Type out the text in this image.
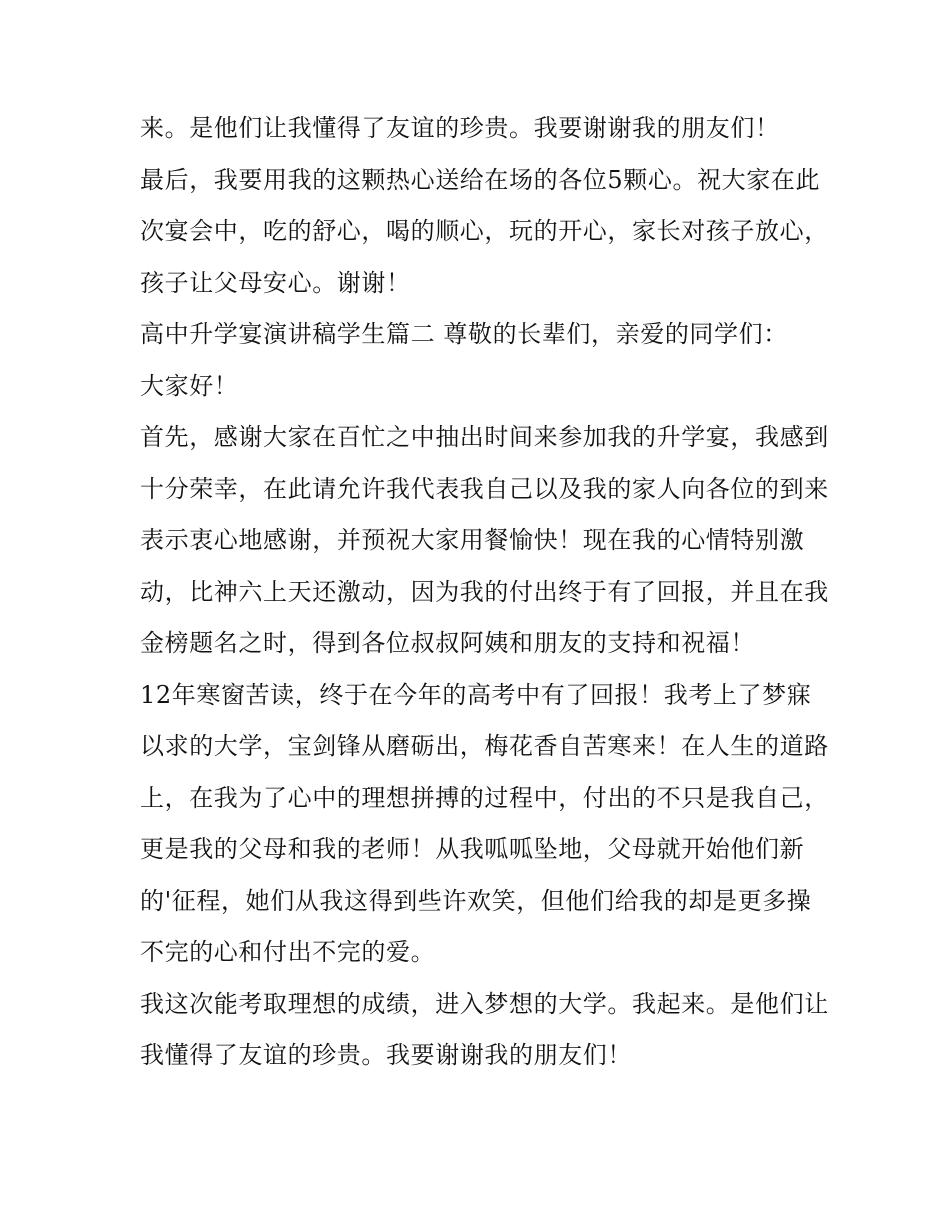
来。是他们让我懂得了友谊的珍贵。我要谢谢我的朋友们！

最后，我要用我的这颗热心送给在场的各位5颗心。祝大家在此次宴会中，吃的舒心，喝的顺心，玩的开心，家长对孩子放心，孩子让父母安心。谢谢！

高中升学宴演讲稿学生篇二 尊敬的长辈们，亲爱的同学们：

大家好！

首先，感谢大家在百忙之中抽出时间来参加我的升学宴，我感到十分荣幸，在此请允许我代表我自己以及我的家人向各位的到来表示衷心地感谢，并预祝大家用餐愉快！现在我的心情特别激动，比神六上天还激动，因为我的付出终于有了回报，并且在我金榜题名之时，得到各位叔叔阿姨和朋友的支持和祝福！

12年寒窗苦读，终于在今年的高考中有了回报！我考上了梦寐以求的大学，宝剑锋从磨砺出，梅花香自苦寒来！在人生的道路上，在我为了心中的理想拼搏的过程中，付出的不只是我自己，更是我的父母和我的老师！从我呱呱坠地，父母就开始他们新的'征程，她们从我这得到些许欢笑，但他们给我的却是更多操不完的心和付出不完的爱。

我这次能考取理想的成绩，进入梦想的大学。我起来。是他们让我懂得了友谊的珍贵。我要谢谢我的朋友们！
